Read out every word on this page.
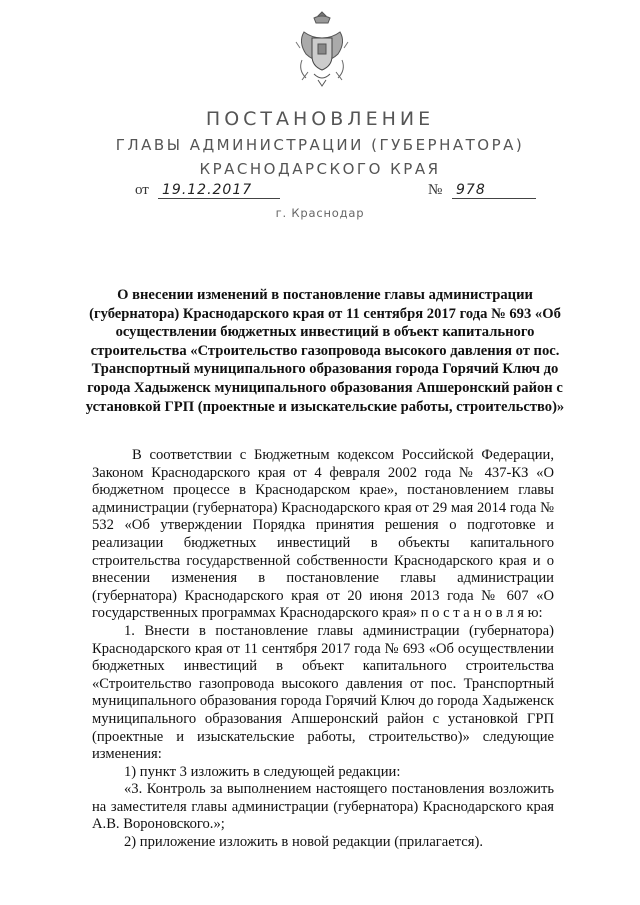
ПОСТАНОВЛЕНИЕ
ГЛАВЫ АДМИНИСТРАЦИИ (ГУБЕРНАТОРА)
КРАСНОДАРСКОГО КРАЯ
от 19.12.2017	№ 978
г. Краснодар
О внесении изменений в постановление главы администрации (губернатора) Краснодарского края от 11 сентября 2017 года № 693 «Об осуществлении бюджетных инвестиций в объект капитального строительства «Строительство газопровода высокого давления от пос. Транспортный муниципального образования города Горячий Ключ до города Хадыженск муниципального образования Апшеронский район с установкой ГРП (проектные и изыскательские работы, строительство)»

В соответствии с Бюджетным кодексом Российской Федерации, Законом Краснодарского края от 4 февраля 2002 года № 437-КЗ «О бюджетном процессе в Краснодарском крае», постановлением главы администрации (губернатора) Краснодарского края от 29 мая 2014 года № 532 «Об утверждении Порядка принятия решения о подготовке и реализации бюджетных инвестиций в объекты капитального строительства государственной собственности Краснодарского края и о внесении изменения в постановление главы администрации (губернатора) Краснодарского края от 20 июня 2013 года № 607 «О государственных программах Краснодарского края» п о с т а н о в л я ю:

1. Внести в постановление главы администрации (губернатора) Краснодарского края от 11 сентября 2017 года № 693 «Об осуществлении бюджетных инвестиций в объект капитального строительства «Строительство газопровода высокого давления от пос. Транспортный муниципального образования города Горячий Ключ до города Хадыженск муниципального образования Апшеронский район с установкой ГРП (проектные и изыскательские работы, строительство)» следующие изменения:

1) пункт 3 изложить в следующей редакции:

«3. Контроль за выполнением настоящего постановления возложить на заместителя главы администрации (губернатора) Краснодарского края А.В. Вороновского.»;

2) приложение изложить в новой редакции (прилагается).
